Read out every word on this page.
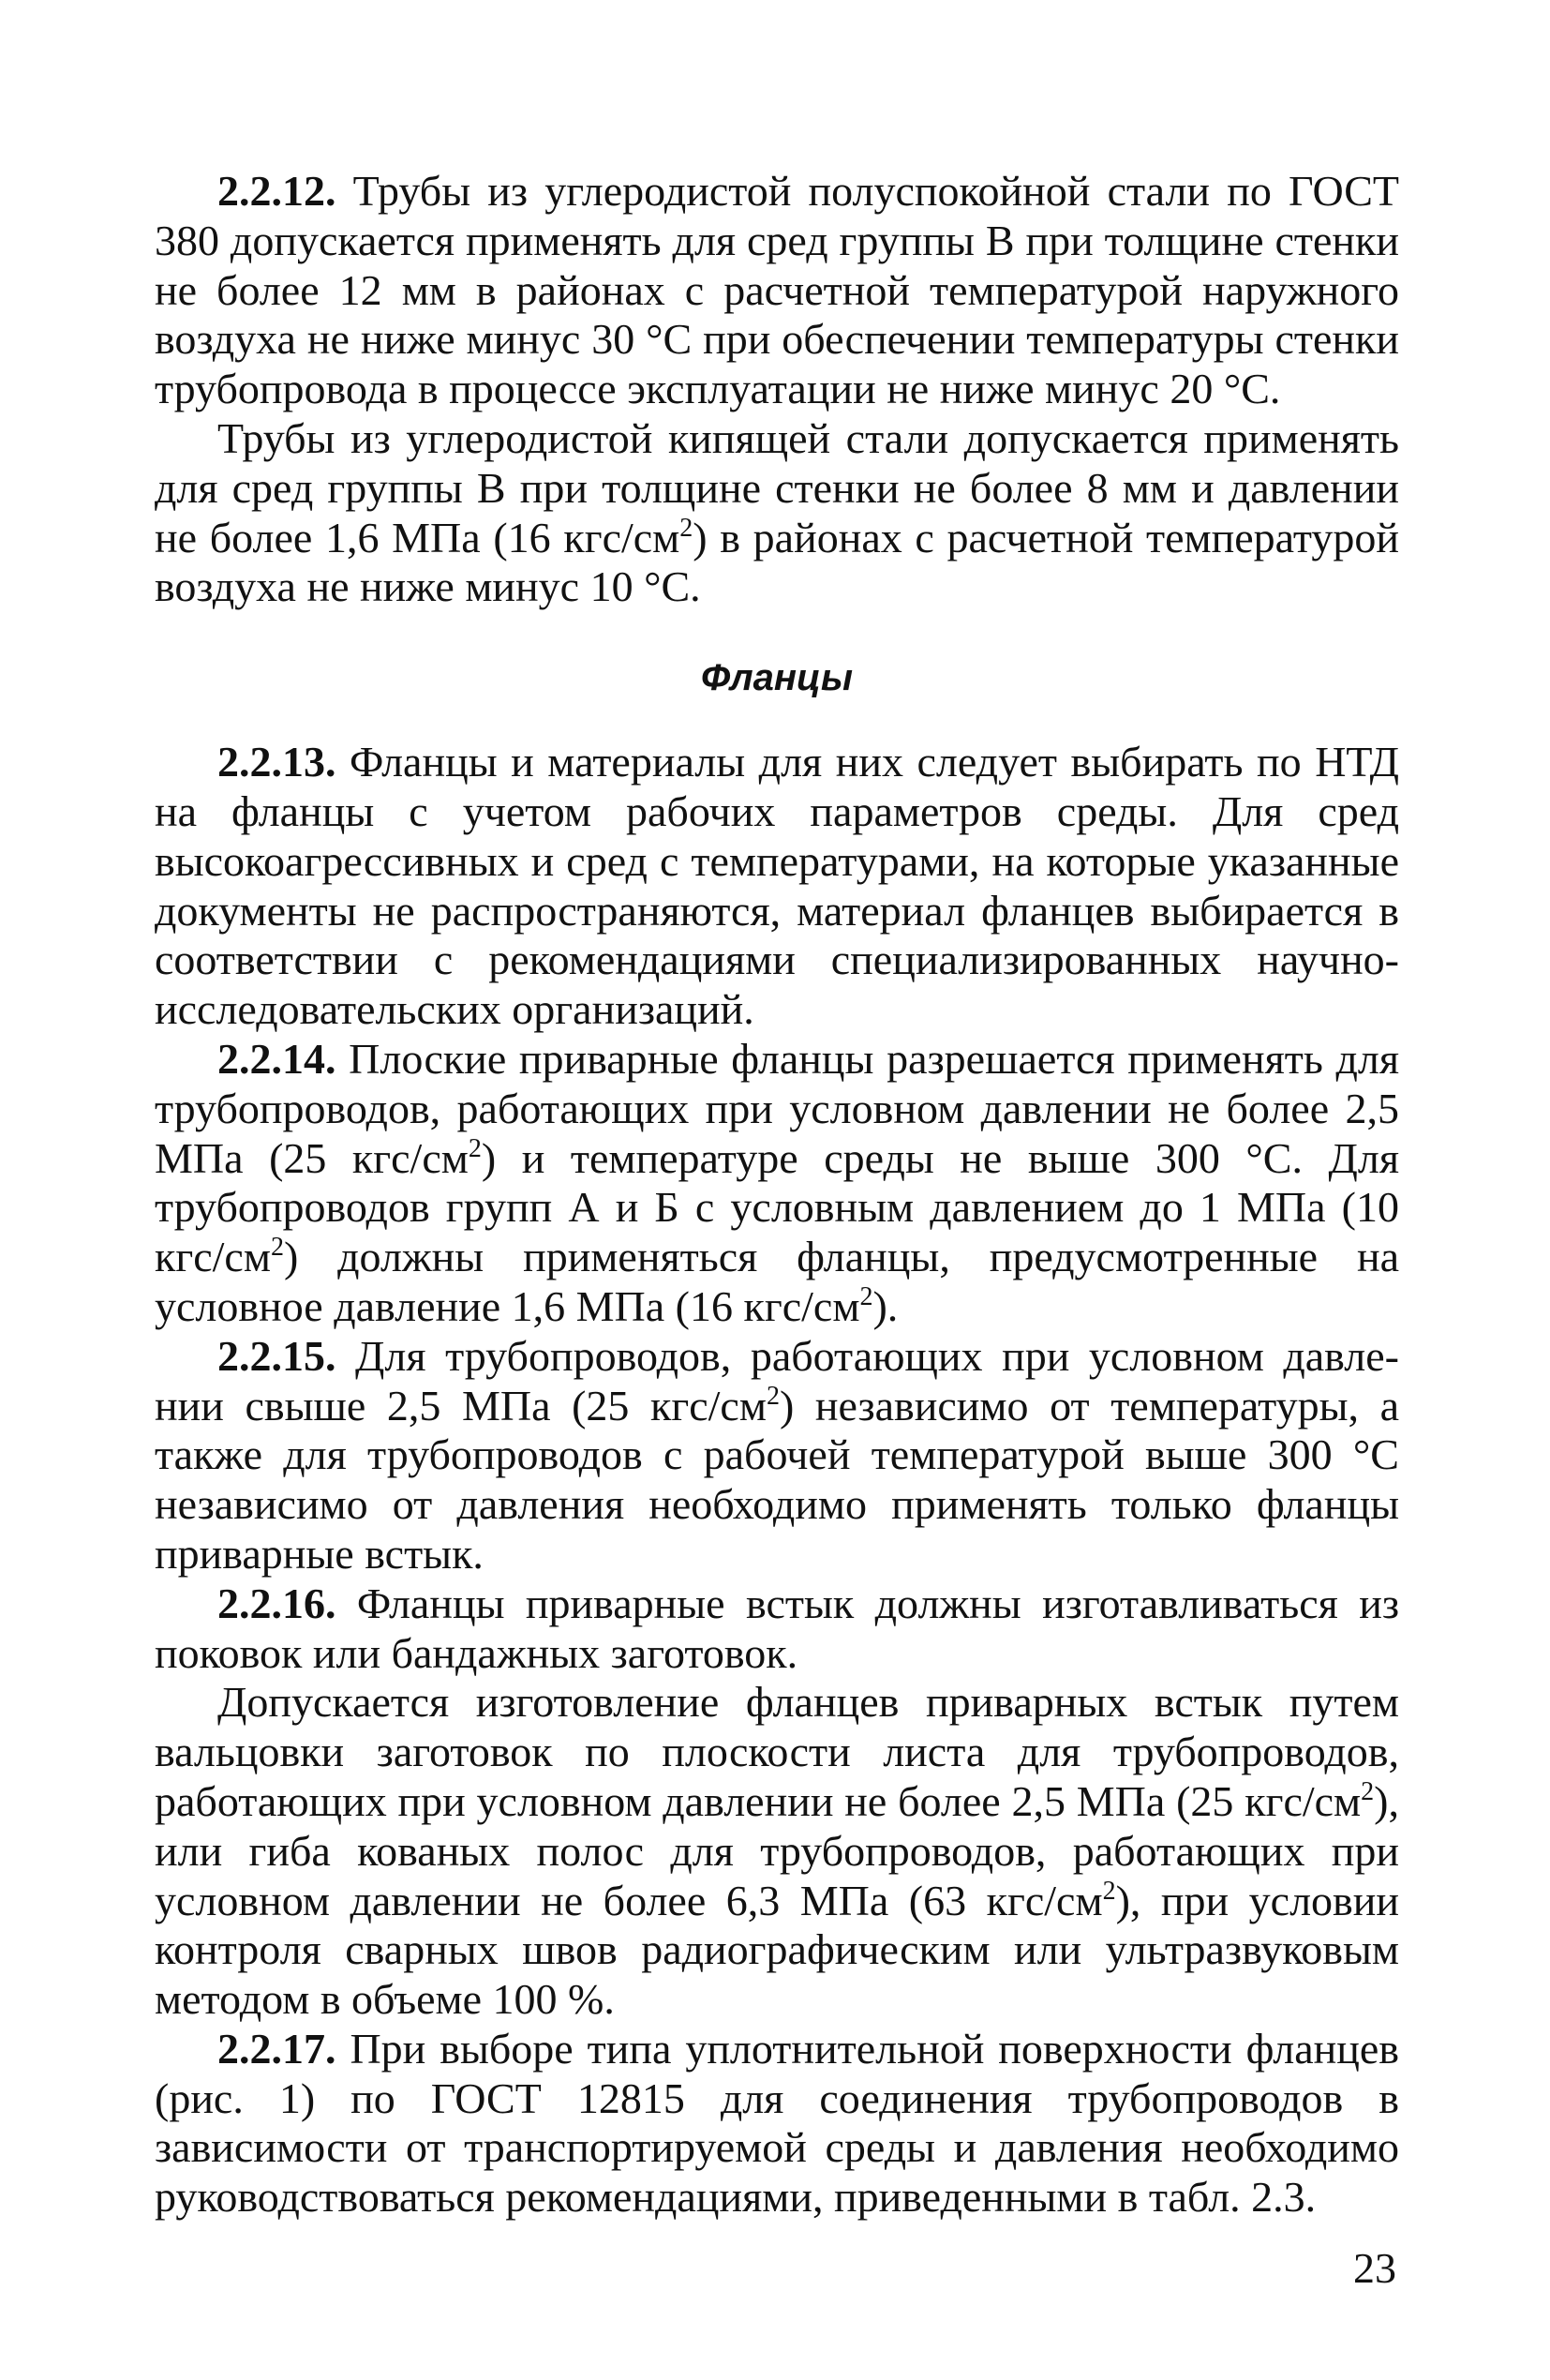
2.2.12. Трубы из углеродистой полуспокойной стали по ГОСТ 380 допускается применять для сред группы В при толщине стенки не более 12 мм в районах с расчетной температурой наружного воздуха не ниже минус 30 °С при обеспечении температуры стенки трубопровода в процессе эксплуатации не ниже минус 20 °С.

Трубы из углеродистой кипящей стали допускается применять для сред группы В при толщине стенки не более 8 мм и давлении не более 1,6 МПа (16 кгс/$см^2$) в районах с расчетной температурой воздуха не ниже минус 10 °С.

Фланцы

2.2.13. Фланцы и материалы для них следует выбирать по НТД на фланцы с учетом рабочих параметров среды. Для сред высокоагрессивных и сред с температурами, на которые указанные документы не распространяются, материал фланцев выбирается в соответствии с рекомендациями специализированных научно-исследовательских организаций.

2.2.14. Плоские приварные фланцы разрешается применять для трубопроводов, работающих при условном давлении не более 2,5 МПа (25 кгс/$см^2$) и температуре среды не выше 300 °С. Для трубопроводов групп А и Б с условным давлением до 1 МПа (10 кгс/$см^2$) должны применяться фланцы, предусмотренные на условное давление 1,6 МПа (16 кгс/$см^2$).

2.2.15. Для трубопроводов, работающих при условном давлении свыше 2,5 МПа (25 кгс/$см^2$) независимо от температуры, а также для трубопроводов с рабочей температурой выше 300 °С независимо от давления необходимо применять только фланцы приварные встык.

2.2.16. Фланцы приварные встык должны изготавливаться из поковок или бандажных заготовок.

Допускается изготовление фланцев приварных встык путем вальцовки заготовок по плоскости листа для трубопроводов, работающих при условном давлении не более 2,5 МПа (25 кгс/$см^2$), или гиба кованых полос для трубопроводов, работающих при условном давлении не более 6,3 МПа (63 кгс/$см^2$), при условии контроля сварных швов радиографическим или ультразвуковым методом в объеме 100 %.

2.2.17. При выборе типа уплотнительной поверхности фланцев (рис. 1) по ГОСТ 12815 для соединения трубопроводов в зависимости от транспортируемой среды и давления необходимо руководствоваться рекомендациями, приведенными в табл. 2.3.

23
